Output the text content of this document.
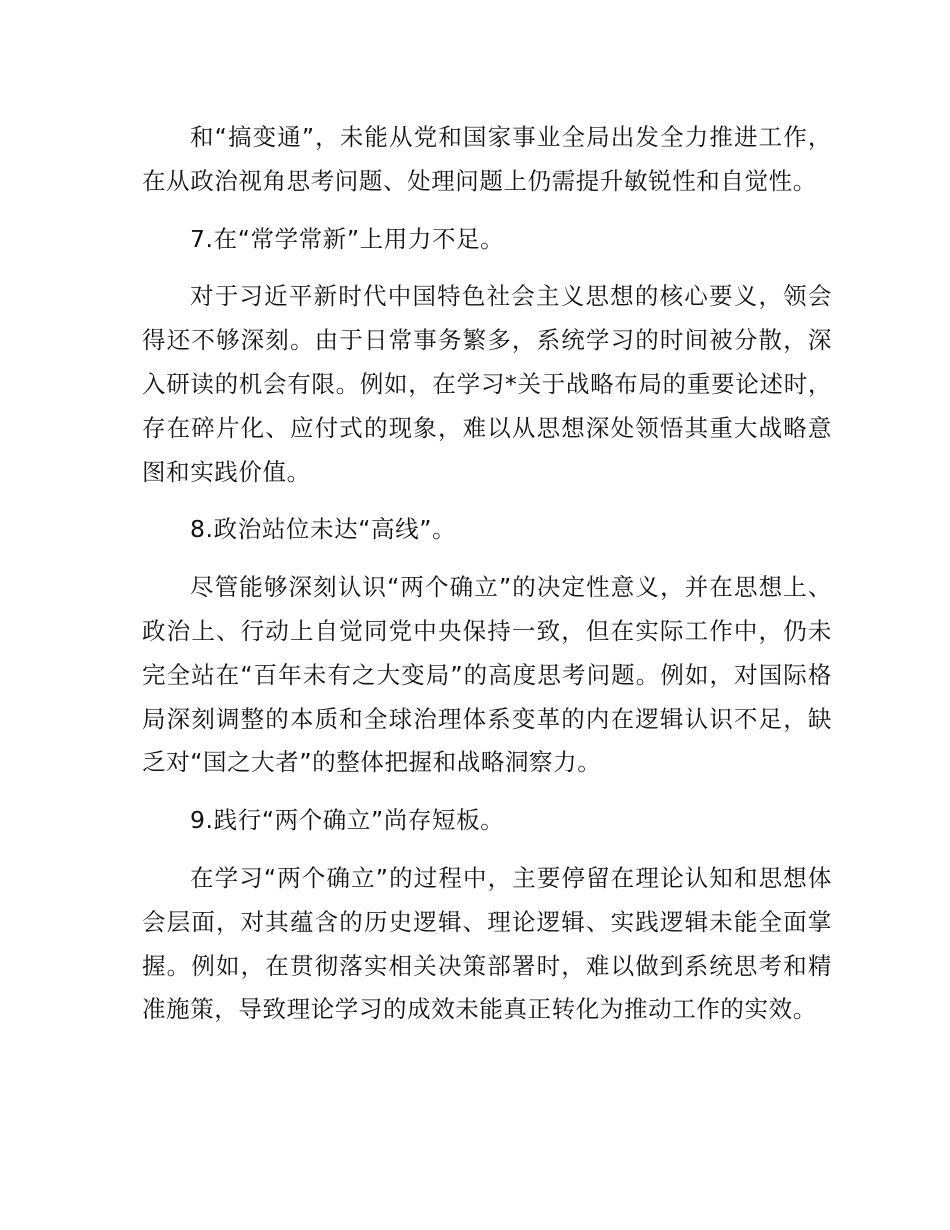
和“搞变通”，未能从党和国家事业全局出发全力推进工作，在从政治视角思考问题、处理问题上仍需提升敏锐性和自觉性。

7.在“常学常新”上用力不足。

对于习近平新时代中国特色社会主义思想的核心要义，领会得还不够深刻。由于日常事务繁多，系统学习的时间被分散，深入研读的机会有限。例如，在学习*关于战略布局的重要论述时，存在碎片化、应付式的现象，难以从思想深处领悟其重大战略意图和实践价值。

8.政治站位未达“高线”。

尽管能够深刻认识“两个确立”的决定性意义，并在思想上、政治上、行动上自觉同党中央保持一致，但在实际工作中，仍未完全站在“百年未有之大变局”的高度思考问题。例如，对国际格局深刻调整的本质和全球治理体系变革的内在逻辑认识不足，缺乏对“国之大者”的整体把握和战略洞察力。

9.践行“两个确立”尚存短板。

在学习“两个确立”的过程中，主要停留在理论认知和思想体会层面，对其蕴含的历史逻辑、理论逻辑、实践逻辑未能全面掌握。例如，在贯彻落实相关决策部署时，难以做到系统思考和精准施策，导致理论学习的成效未能真正转化为推动工作的实效。
